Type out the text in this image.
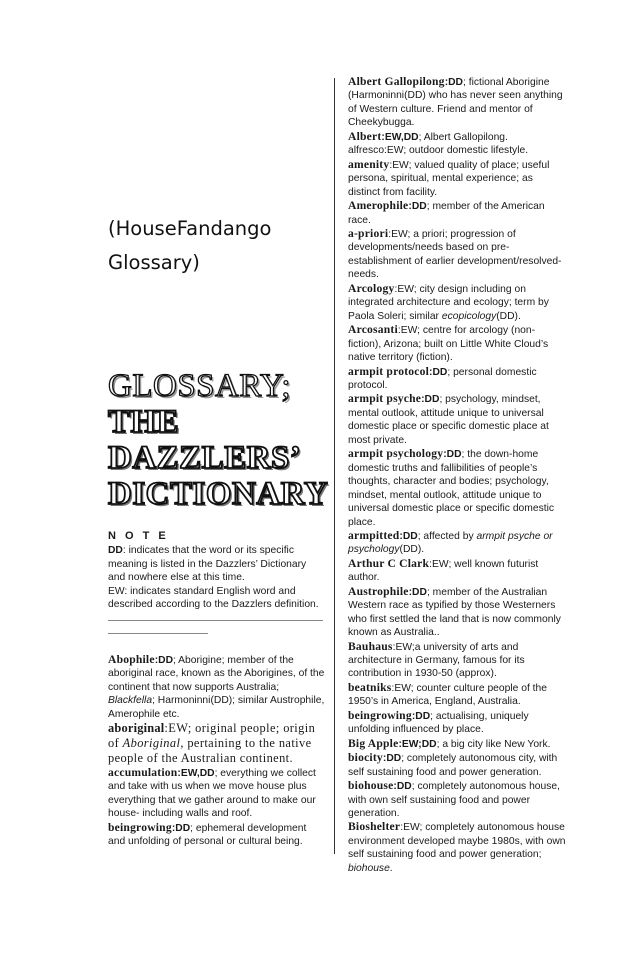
(HouseFandango
Glossary)
GLOSSARY;
THE
DAZZLERS’
DICTIONARY
N O T E
DD: indicates that the word or its specific meaning is listed in the Dazzlers’ Dictionary and nowhere else at this time.
EW: indicates standard English word and described according to the Dazzlers definition.

Abophile:DD; Aborigine; member of the aboriginal race, known as the Aborigines, of the continent that now supports Australia; Blackfella; Harmoninni(DD); similar Austrophile, Amerophile etc.

aboriginal:EW; original people; origin of Aboriginal, pertaining to the native people of the Australian continent.

accumulation:EW,DD; everything we collect and take with us when we move house plus everything that we gather around to make our house- including walls and roof.

beingrowing:DD; ephemeral development and unfolding of personal or cultural being.

Albert Gallopilong:DD; fictional Aborigine (Harmoninni(DD) who has never seen anything of Western culture. Friend and mentor of Cheekybugga.

Albert:EW,DD; Albert Gallopilong.

alfresco:EW; outdoor domestic lifestyle.

amenity:EW; valued quality of place; useful persona, spiritual, mental experience; as distinct from facility.

Amerophile:DD; member of the American race.

a-priori:EW; a priori; progression of developments/needs based on pre-establishment of earlier development/resolved-needs.

Arcology:EW; city design including on integrated architecture and ecology; term by Paola Soleri; similar ecopicology(DD).

Arcosanti:EW; centre for arcology (non-fiction), Arizona; built on Little White Cloud’s native territory (fiction).

armpit protocol:DD; personal domestic protocol.

armpit psyche:DD; psychology, mindset, mental outlook, attitude unique to universal domestic place or specific domestic place at most private.

armpit psychology:DD; the down-home domestic truths and fallibilities of people’s thoughts, character and bodies; psychology, mindset, mental outlook, attitude unique to universal domestic place or specific domestic place.

armpitted:DD; affected by armpit psyche or psychology(DD).

Arthur C Clark:EW; well known futurist author.

Austrophile:DD; member of the Australian Western race as typified by those Westerners who first settled the land that is now commonly known as Australia..

Bauhaus:EW;a university of arts and architecture in Germany, famous for its contribution in 1930-50 (approx).

beatniks:EW; counter culture people of the 1950’s in America, England, Australia.

beingrowing:DD; actualising, uniquely unfolding influenced by place.

Big Apple:EW;DD; a big city like New York.

biocity:DD; completely autonomous city, with self sustaining food and power generation.

biohouse:DD; completely autonomous house, with own self sustaining food and power generation.

Bioshelter:EW; completely autonomous house environment developed maybe 1980s, with own self sustaining food and power generation; biohouse.
